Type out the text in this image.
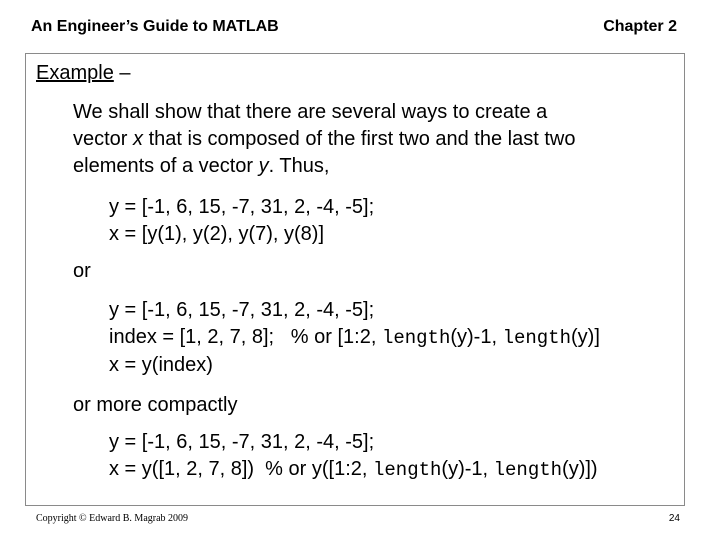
An Engineer’s Guide to MATLAB	Chapter 2
Example –
We shall show that there are several ways to create a
vector x that is composed of the first two and the last two
elements of a vector y. Thus,
y = [-1, 6, 15, -7, 31, 2, -4, -5];
x = [y(1), y(2), y(7), y(8)]
or
y = [-1, 6, 15, -7, 31, 2, -4, -5];
index = [1, 2, 7, 8];   % or [1:2, length(y)-1, length(y)]
x = y(index)
or more compactly
y = [-1, 6, 15, -7, 31, 2, -4, -5];
x = y([1, 2, 7, 8])  % or y([1:2, length(y)-1, length(y)])
Copyright © Edward B. Magrab 2009	24
